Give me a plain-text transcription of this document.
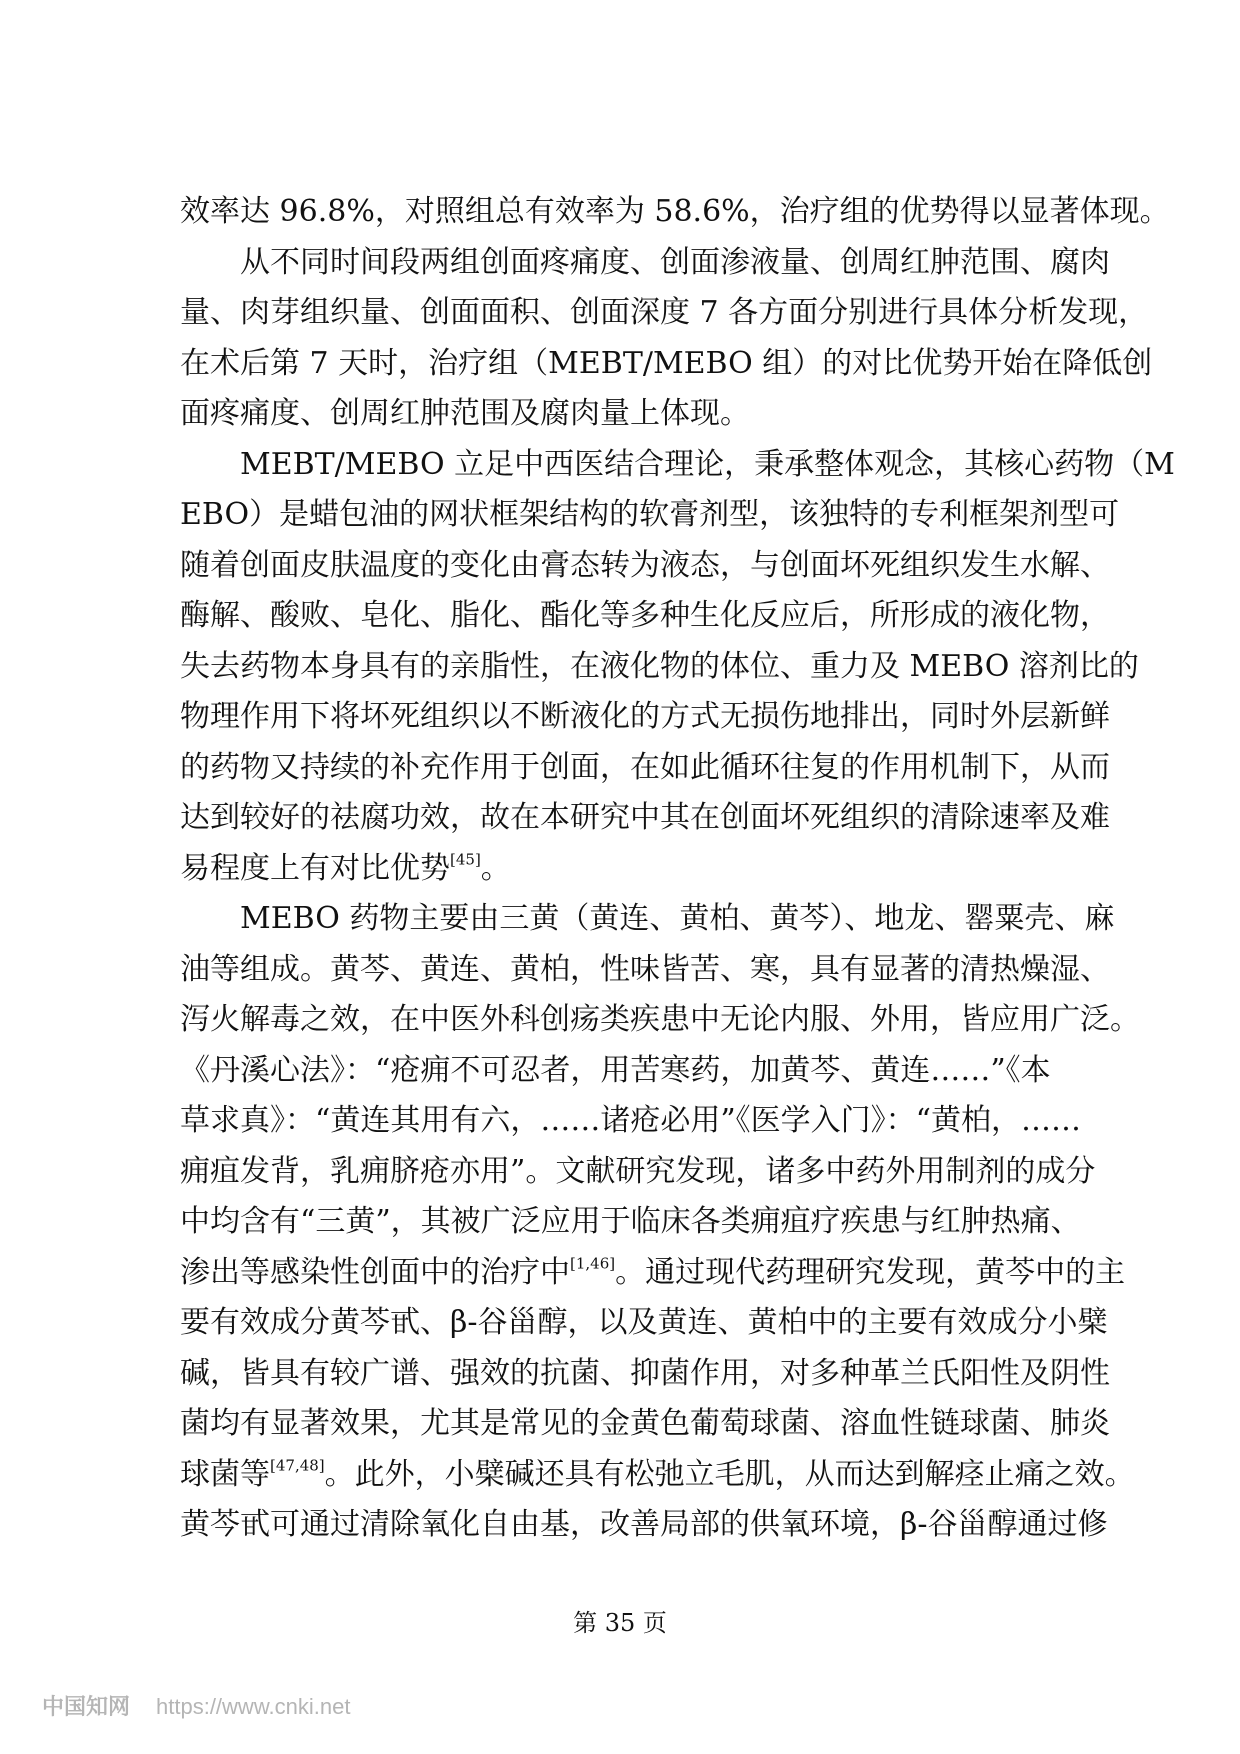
效率达 96.8%，对照组总有效率为 58.6%，治疗组的优势得以显著体现。

从不同时间段两组创面疼痛度、创面渗液量、创周红肿范围、腐肉
量、肉芽组织量、创面面积、创面深度 7 各方面分别进行具体分析发现，
在术后第 7 天时，治疗组（MEBT/MEBO 组）的对比优势开始在降低创
面疼痛度、创周红肿范围及腐肉量上体现。

MEBT/MEBO 立足中西医结合理论，秉承整体观念，其核心药物（M
EBO）是蜡包油的网状框架结构的软膏剂型，该独特的专利框架剂型可
随着创面皮肤温度的变化由膏态转为液态，与创面坏死组织发生水解、
酶解、酸败、皂化、脂化、酯化等多种生化反应后，所形成的液化物，
失去药物本身具有的亲脂性，在液化物的体位、重力及 MEBO 溶剂比的
物理作用下将坏死组织以不断液化的方式无损伤地排出，同时外层新鲜
的药物又持续的补充作用于创面，在如此循环往复的作用机制下，从而
达到较好的祛腐功效，故在本研究中其在创面坏死组织的清除速率及难
易程度上有对比优势[45]。

MEBO 药物主要由三黄（黄连、黄柏、黄芩）、地龙、罂粟壳、麻
油等组成。黄芩、黄连、黄柏，性味皆苦、寒，具有显著的清热燥湿、
泻火解毒之效，在中医外科创疡类疾患中无论内服、外用，皆应用广泛。
《丹溪心法》：“疮痈不可忍者，用苦寒药，加黄芩、黄连……”《本
草求真》：“黄连其用有六，……诸疮必用”《医学入门》：“黄柏，……
痈疽发背，乳痈脐疮亦用”。文献研究发现，诸多中药外用制剂的成分
中均含有“三黄”，其被广泛应用于临床各类痈疽疗疾患与红肿热痛、
渗出等感染性创面中的治疗中[1,46]。通过现代药理研究发现，黄芩中的主
要有效成分黄芩甙、β-谷甾醇，以及黄连、黄柏中的主要有效成分小檗
碱，皆具有较广谱、强效的抗菌、抑菌作用，对多种革兰氏阳性及阴性
菌均有显著效果，尤其是常见的金黄色葡萄球菌、溶血性链球菌、肺炎
球菌等[47,48]。此外，小檗碱还具有松弛立毛肌，从而达到解痉止痛之效。
黄芩甙可通过清除氧化自由基，改善局部的供氧环境，β-谷甾醇通过修

第 35 页
中国知网 https://www.cnki.net
